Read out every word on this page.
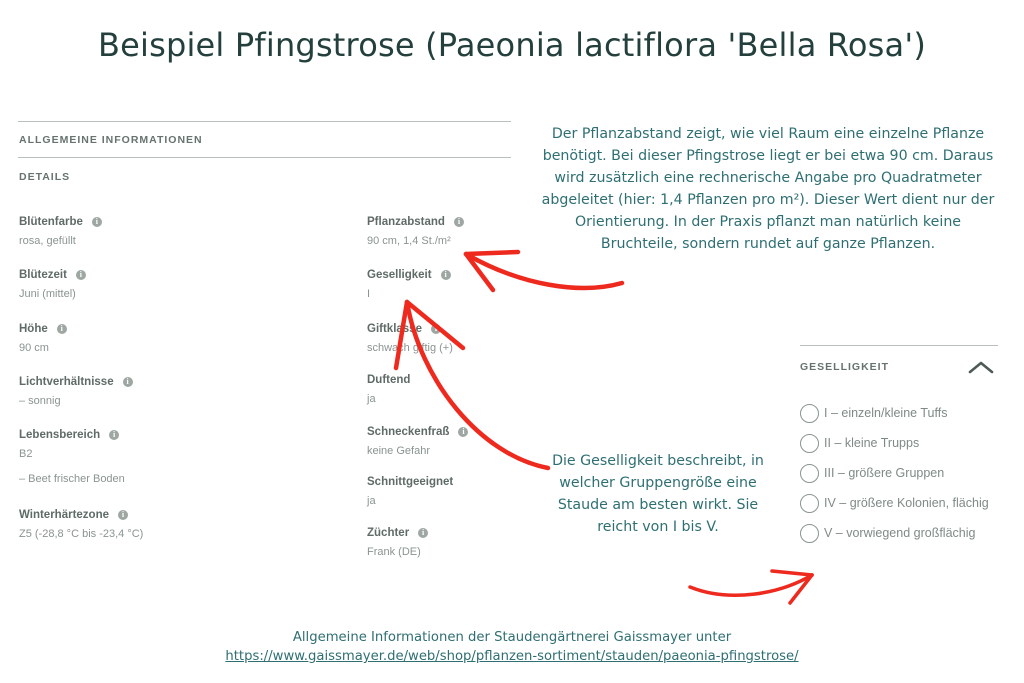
Beispiel Pfingstrose (Paeonia lactiflora 'Bella Rosa')
ALLGEMEINE INFORMATIONEN
DETAILS
Blütenfarbe	i
rosa, gefüllt
Blütezeit	i
Juni (mittel)
Höhe	i
90 cm
Lichtverhältnisse	i
– sonnig
Lebensbereich	i
B2
– Beet frischer Boden
Winterhärtezone	i
Z5 (-28,8 °C bis -23,4 °C)
Pflanzabstand	i
90 cm, 1,4 St./m²
Geselligkeit	i
I
Giftklasse	i
schwach giftig (+)
Duftend
ja
Schneckenfraß	i
keine Gefahr
Schnittgeeignet
ja
Züchter	i
Frank (DE)
Der Pflanzabstand zeigt, wie viel Raum eine einzelne Pflanze benötigt. Bei dieser Pfingstrose liegt er bei etwa 90 cm. Daraus wird zusätzlich eine rechnerische Angabe pro Quadratmeter abgeleitet (hier: 1,4 Pflanzen pro m²). Dieser Wert dient nur der Orientierung. In der Praxis pflanzt man natürlich keine Bruchteile, sondern rundet auf ganze Pflanzen.
Die Geselligkeit beschreibt, in welcher Gruppengröße eine Staude am besten wirkt. Sie reicht von I bis V.
GESELLIGKEIT
I – einzeln/kleine Tuffs
II – kleine Trupps
III – größere Gruppen
IV – größere Kolonien, flächig
V – vorwiegend großflächig
Allgemeine Informationen der Staudengärtnerei Gaissmayer unter
https://www.gaissmayer.de/web/shop/pflanzen-sortiment/stauden/paeonia-pfingstrose/
